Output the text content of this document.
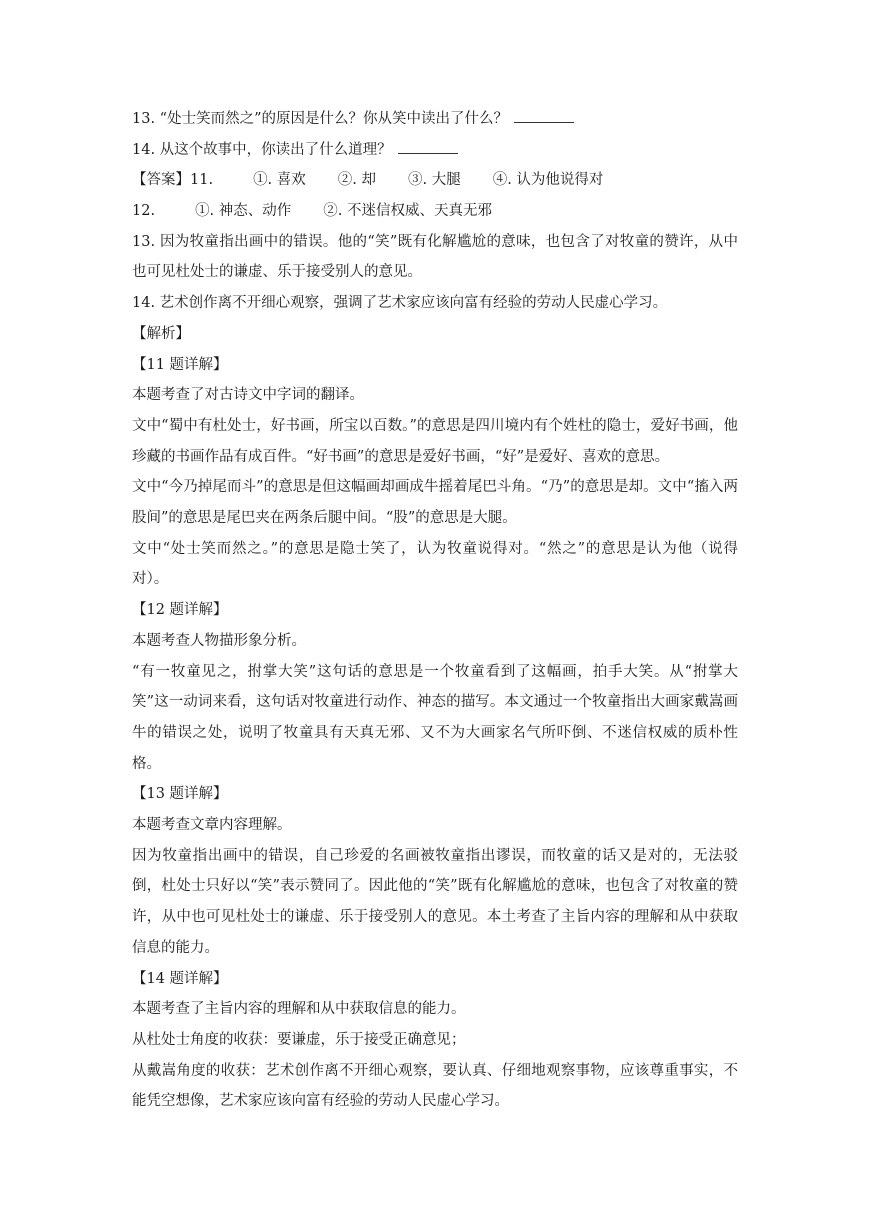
13. “处士笑而然之”的原因是什么？你从笑中读出了什么？
14. 从这个故事中，你读出了什么道理？
【答案】11.	①. 喜欢 ②. 却 ③. 大腿 ④. 认为他说得对
12.	①. 神态、动作 ②. 不迷信权威、天真无邪
13. 因为牧童指出画中的错误。他的“笑”既有化解尴尬的意味，也包含了对牧童的赞许，从中也可见杜处士的谦虚、乐于接受别人的意见。
14. 艺术创作离不开细心观察，强调了艺术家应该向富有经验的劳动人民虚心学习。
【解析】
【11 题详解】
本题考查了对古诗文中字词的翻译。
文中“蜀中有杜处士，好书画，所宝以百数。”的意思是四川境内有个姓杜的隐士，爱好书画，他珍藏的书画作品有成百件。“好书画”的意思是爱好书画，“好”是爱好、喜欢的意思。
文中“今乃掉尾而斗”的意思是但这幅画却画成牛摇着尾巴斗角。“乃”的意思是却。文中“搐入两股间”的意思是尾巴夹在两条后腿中间。“股”的意思是大腿。
文中“处士笑而然之。”的意思是隐士笑了，认为牧童说得对。“然之”的意思是认为他（说得对）。
【12 题详解】
本题考查人物描形象分析。
“有一牧童见之，拊掌大笑”这句话的意思是一个牧童看到了这幅画，拍手大笑。从“拊掌大笑”这一动词来看，这句话对牧童进行动作、神态的描写。本文通过一个牧童指出大画家戴嵩画牛的错误之处，说明了牧童具有天真无邪、又不为大画家名气所吓倒、不迷信权威的质朴性格。
【13 题详解】
本题考查文章内容理解。
因为牧童指出画中的错误，自己珍爱的名画被牧童指出谬误，而牧童的话又是对的，无法驳倒，杜处士只好以“笑”表示赞同了。因此他的“笑”既有化解尴尬的意味，也包含了对牧童的赞许，从中也可见杜处士的谦虚、乐于接受别人的意见。本土考查了主旨内容的理解和从中获取信息的能力。
【14 题详解】
本题考查了主旨内容的理解和从中获取信息的能力。
从杜处士角度的收获：要谦虚，乐于接受正确意见；
从戴嵩角度的收获：艺术创作离不开细心观察，要认真、仔细地观察事物，应该尊重事实，不能凭空想像，艺术家应该向富有经验的劳动人民虚心学习。
